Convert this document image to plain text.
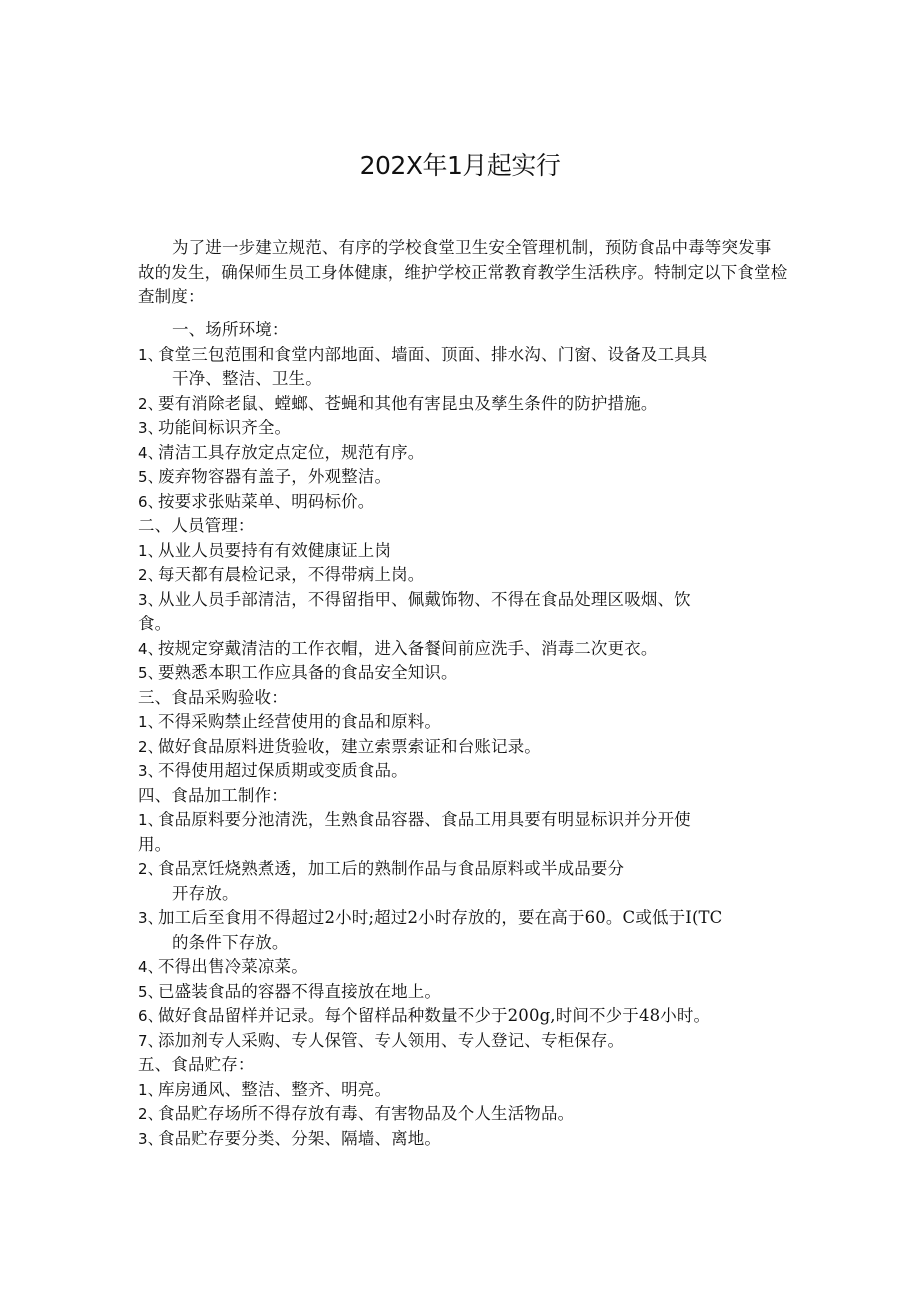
202X年1月起实行
为了进一步建立规范、有序的学校食堂卫生安全管理机制，预防食品中毒等突发事故的发生，确保师生员工身体健康，维护学校正常教育教学生活秩序。特制定以下食堂检查制度：

一、场所环境：

1、食堂三包范围和食堂内部地面、墙面、顶面、排水沟、门窗、设备及工具具

干净、整洁、卫生。

2、要有消除老鼠、螳螂、苍蝇和其他有害昆虫及孳生条件的防护措施。

3、功能间标识齐全。

4、清洁工具存放定点定位，规范有序。

5、废弃物容器有盖子，外观整洁。

6、按要求张贴菜单、明码标价。

二、人员管理：

1、从业人员要持有有效健康证上岗

2、每天都有晨检记录，不得带病上岗。

3、从业人员手部清洁，不得留指甲、佩戴饰物、不得在食品处理区吸烟、饮

食。

4、按规定穿戴清洁的工作衣帽，进入备餐间前应洗手、消毒二次更衣。

5、要熟悉本职工作应具备的食品安全知识。

三、食品采购验收：

1、不得采购禁止经营使用的食品和原料。

2、做好食品原料进货验收，建立索票索证和台账记录。

3、不得使用超过保质期或变质食品。

四、食品加工制作：

1、食品原料要分池清洗，生熟食品容器、食品工用具要有明显标识并分开使

用。

2、食品烹饪烧熟煮透，加工后的熟制作品与食品原料或半成品要分

开存放。

3、加工后至食用不得超过2小时;超过2小时存放的，要在高于60。C或低于I(TC

的条件下存放。

4、不得出售冷菜凉菜。

5、已盛装食品的容器不得直接放在地上。

6、做好食品留样并记录。每个留样品种数量不少于200g,时间不少于48小时。

7、添加剂专人采购、专人保管、专人领用、专人登记、专柜保存。

五、食品贮存：

1、库房通风、整洁、整齐、明亮。

2、食品贮存场所不得存放有毒、有害物品及个人生活物品。

3、食品贮存要分类、分架、隔墙、离地。
